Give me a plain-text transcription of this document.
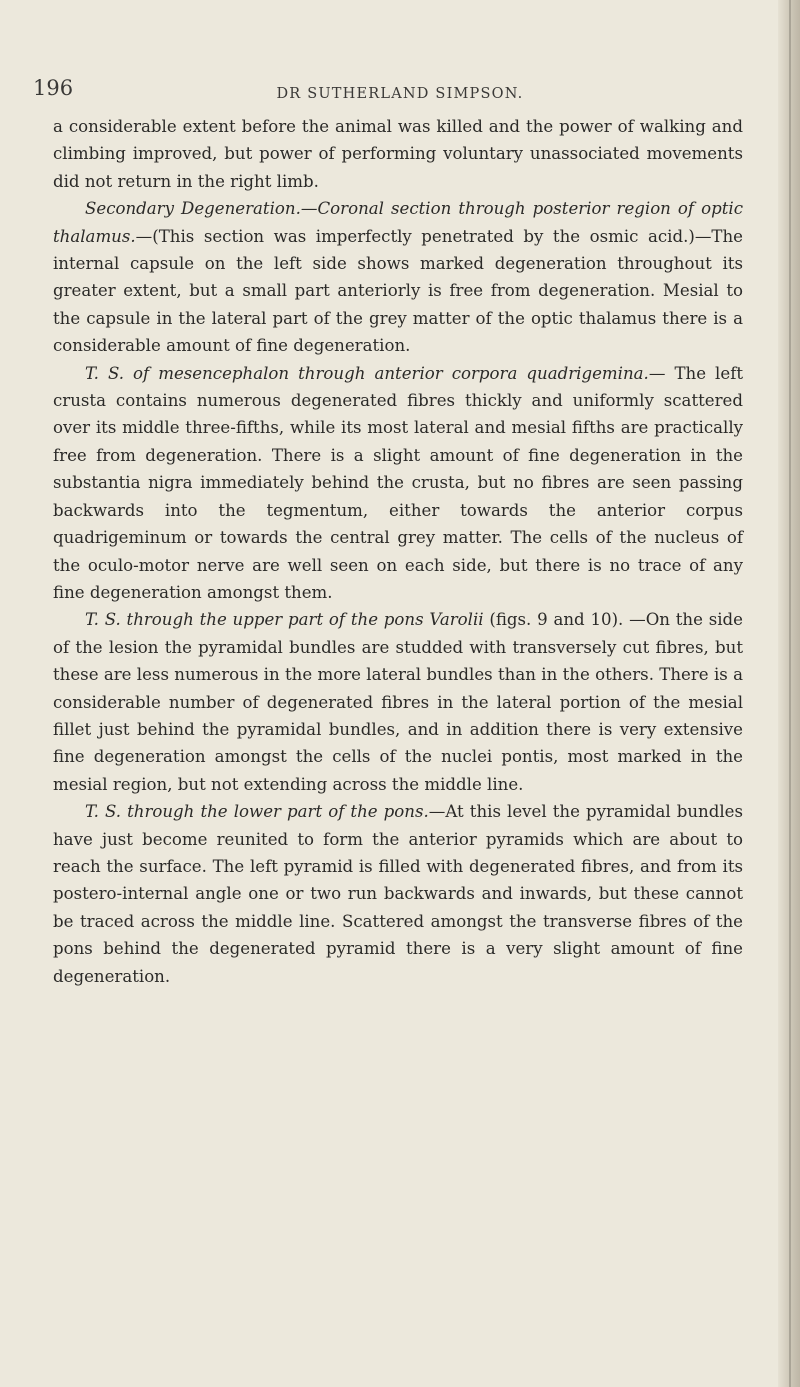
196	DR SUTHERLAND SIMPSON.

a considerable extent before the animal was killed and the power of walking and climbing improved, but power of performing voluntary unassociated movements did not return in the right limb.

Secondary Degeneration.—Coronal section through posterior region of optic thalamus.—(This section was imperfectly penetrated by the osmic acid.)—The internal capsule on the left side shows marked degeneration throughout its greater extent, but a small part anteriorly is free from degeneration. Mesial to the capsule in the lateral part of the grey matter of the optic thalamus there is a considerable amount of fine degeneration.

T. S. of mesencephalon through anterior corpora quadrigemina.— The left crusta contains numerous degenerated fibres thickly and uniformly scattered over its middle three-fifths, while its most lateral and mesial fifths are practically free from degeneration. There is a slight amount of fine degeneration in the substantia nigra immediately behind the crusta, but no fibres are seen passing backwards into the tegmentum, either towards the anterior corpus quadrigeminum or towards the central grey matter. The cells of the nucleus of the oculo-motor nerve are well seen on each side, but there is no trace of any fine degeneration amongst them.

T. S. through the upper part of the pons Varolii (figs. 9 and 10). —On the side of the lesion the pyramidal bundles are studded with transversely cut fibres, but these are less numerous in the more lateral bundles than in the others. There is a considerable number of degenerated fibres in the lateral portion of the mesial fillet just behind the pyramidal bundles, and in addition there is very extensive fine degeneration amongst the cells of the nuclei pontis, most marked in the mesial region, but not extending across the middle line.

T. S. through the lower part of the pons.—At this level the pyramidal bundles have just become reunited to form the anterior pyramids which are about to reach the surface. The left pyramid is filled with degenerated fibres, and from its postero-internal angle one or two run backwards and inwards, but these cannot be traced across the middle line. Scattered amongst the transverse fibres of the pons behind the degenerated pyramid there is a very slight amount of fine degeneration.
